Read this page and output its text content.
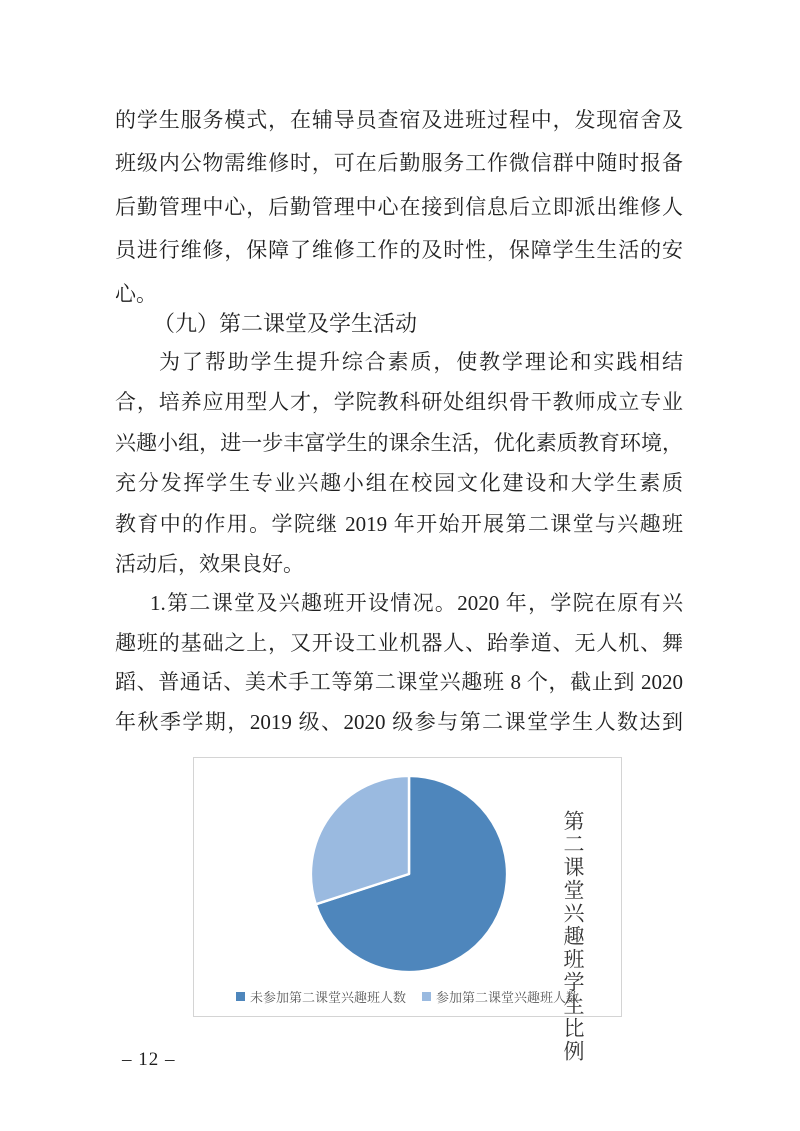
的学生服务模式，在辅导员查宿及进班过程中，发现宿舍及
班级内公物需维修时，可在后勤服务工作微信群中随时报备
后勤管理中心，后勤管理中心在接到信息后立即派出维修人
员进行维修，保障了维修工作的及时性，保障学生生活的安
心。
（九）第二课堂及学生活动
为了帮助学生提升综合素质，使教学理论和实践相结
合，培养应用型人才，学院教科研处组织骨干教师成立专业
兴趣小组，进一步丰富学生的课余生活，优化素质教育环境，
充分发挥学生专业兴趣小组在校园文化建设和大学生素质
教育中的作用。学院继 2019 年开始开展第二课堂与兴趣班
活动后，效果良好。
1.第二课堂及兴趣班开设情况。2020 年，学院在原有兴
趣班的基础之上，又开设工业机器人、跆拳道、无人机、舞
蹈、普通话、美术手工等第二课堂兴趣班 8 个，截止到 2020
年秋季学期，2019 级、2020 级参与第二课堂学生人数达到
第二课堂兴趣班学生比例
未参加第二课堂兴趣班人数 参加第二课堂兴趣班人数
– 12 –
